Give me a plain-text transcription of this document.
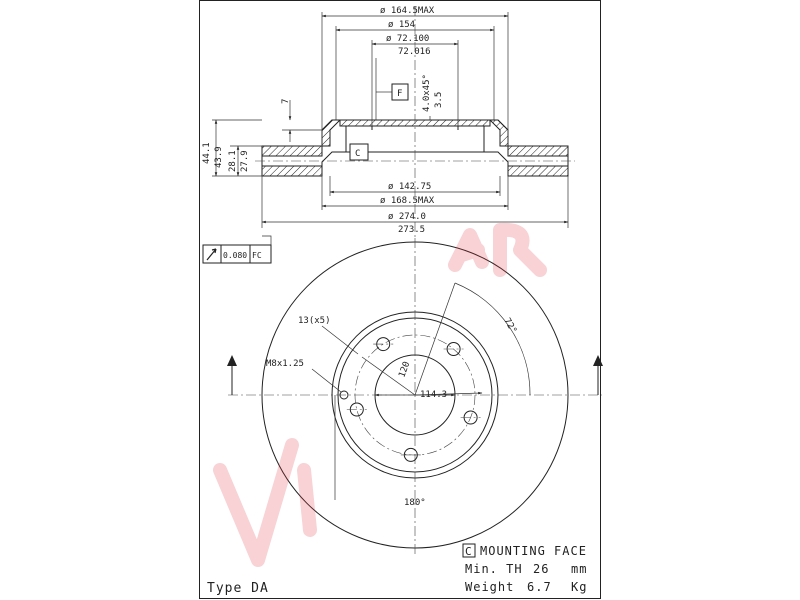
ø 164.5MAX
ø 154
ø 72.100
72.016
ø 142.75
ø 168.5MAX
ø 274.0
273.5
F 4.0x45° 3.5
C
7
44.1 43.9 28.1 27.9
0.080 FC
13(x5)
M8x1.25
114.3
120
72°
180°
C MOUNTING FACE
Min. TH 26 mm
Weight 6.7 Kg
Type DA
